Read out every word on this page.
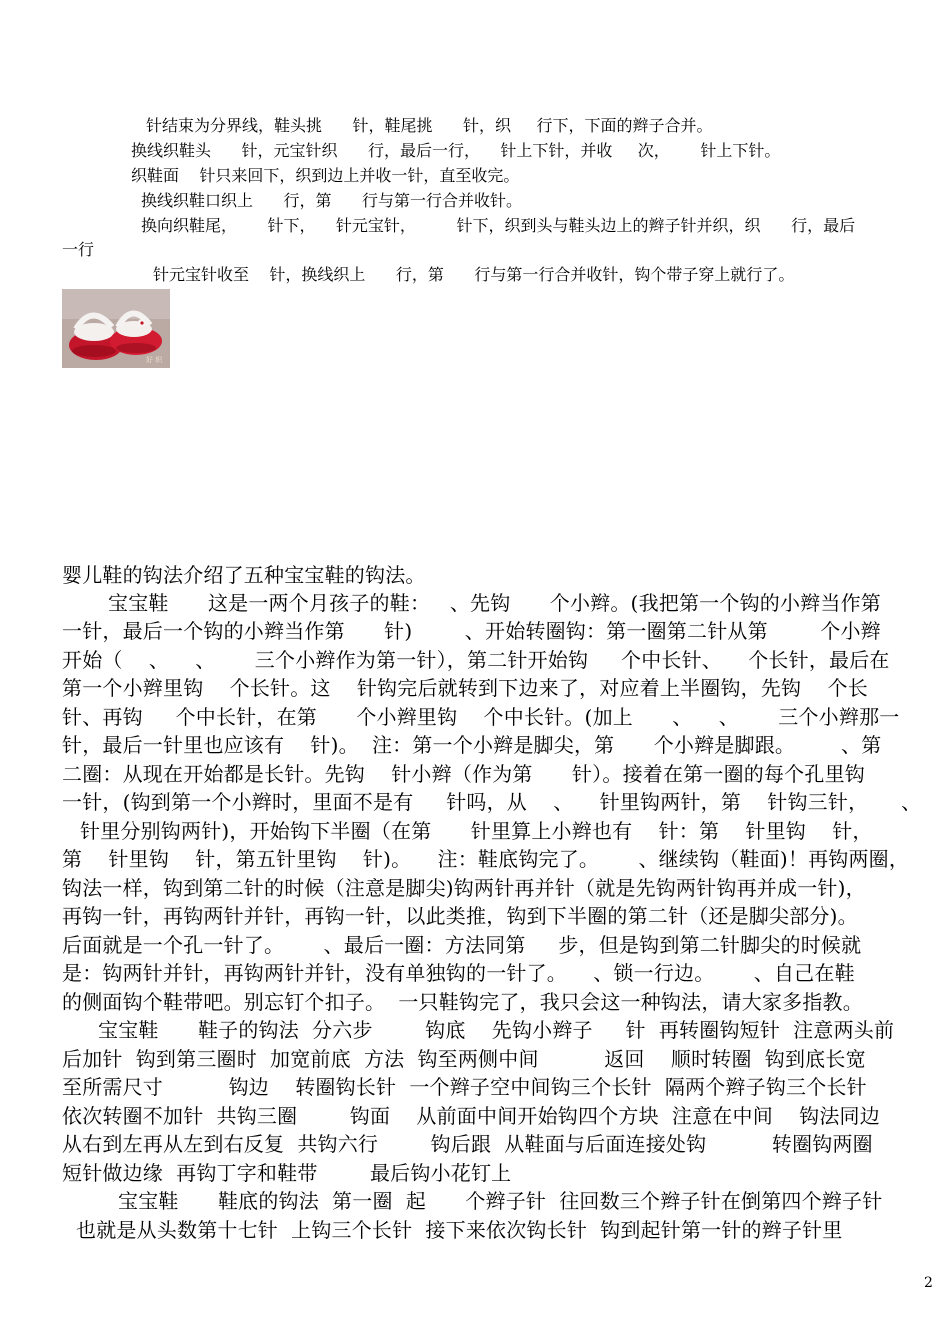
针结束为分界线，鞋头挑      针，鞋尾挑      针，织     行下，下面的辫子合并。
换线织鞋头      针，元宝针织      行，最后一行，    针上下针，并收     次，      针上下针。
织鞋面    针只来回下，织到边上并收一针，直至收完。
换线织鞋口织上      行，第      行与第一行合并收针。
换向织鞋尾，      针下，    针元宝针，        针下，织到头与鞋头边上的辫子针并织，织      行，最后
一行
针元宝针收至    针，换线织上      行，第      行与第一行合并收针，钩个带子穿上就行了。
好 织
婴儿鞋的钩法介绍了五种宝宝鞋的钩法。
宝宝鞋      这是一两个月孩子的鞋：   、先钩      个小辫。(我把第一个钩的小辫当作第
一针，最后一个钩的小辫当作第      针)        、开始转圈钩：第一圈第二针从第        个小辫
开始（    、    、      三个小辫作为第一针），第二针开始钩     个中长针、    个长针，最后在
第一个小辫里钩    个长针。这    针钩完后就转到下边来了，对应着上半圈钩，先钩    个长
针、再钩     个中长针，在第      个小辫里钩    个中长针。(加上      、    、      三个小辫那一
针，最后一针里也应该有    针)。  注：第一个小辫是脚尖，第      个小辫是脚跟。       、第
二圈：从现在开始都是长针。先钩    针小辫（作为第      针）。接着在第一圈的每个孔里钩
一针，(钩到第一个小辫时，里面不是有     针吗，从    、    针里钩两针，第    针钩三针，     、
针里分别钩两针)，开始钩下半圈（在第      针里算上小辫也有    针：第    针里钩    针，
第    针里钩    针，第五针里钩    针)。    注：鞋底钩完了。      、继续钩（鞋面)！再钩两圈，
钩法一样，钩到第二针的时候（注意是脚尖)钩两针再并针（就是先钩两针钩再并成一针)，
再钩一针，再钩两针并针，再钩一针，以此类推，钩到下半圈的第二针（还是脚尖部分)。
后面就是一个孔一针了。      、最后一圈：方法同第     步，但是钩到第二针脚尖的时候就
是：钩两针并针，再钩两针并针，没有单独钩的一针了。    、锁一行边。      、自己在鞋
的侧面钩个鞋带吧。别忘钉个扣子。  一只鞋钩完了，我只会这一种钩法，请大家多指教。
宝宝鞋      鞋子的钩法  分六步        钩底    先钩小辫子     针  再转圈钩短针  注意两头前
后加针  钩到第三圈时  加宽前底  方法  钩至两侧中间          返回    顺时转圈  钩到底长宽
至所需尺寸          钩边    转圈钩长针  一个辫子空中间钩三个长针  隔两个辫子钩三个长针
依次转圈不加针  共钩三圈        钩面    从前面中间开始钩四个方块  注意在中间    钩法同边
从右到左再从左到右反复  共钩六行        钩后跟  从鞋面与后面连接处钩          转圈钩两圈
短针做边缘  再钩丁字和鞋带        最后钩小花钉上
宝宝鞋      鞋底的钩法  第一圈  起      个辫子针  往回数三个辫子针在倒第四个辫子针
也就是从头数第十七针  上钩三个长针  接下来依次钩长针  钩到起针第一针的辫子针里
2
